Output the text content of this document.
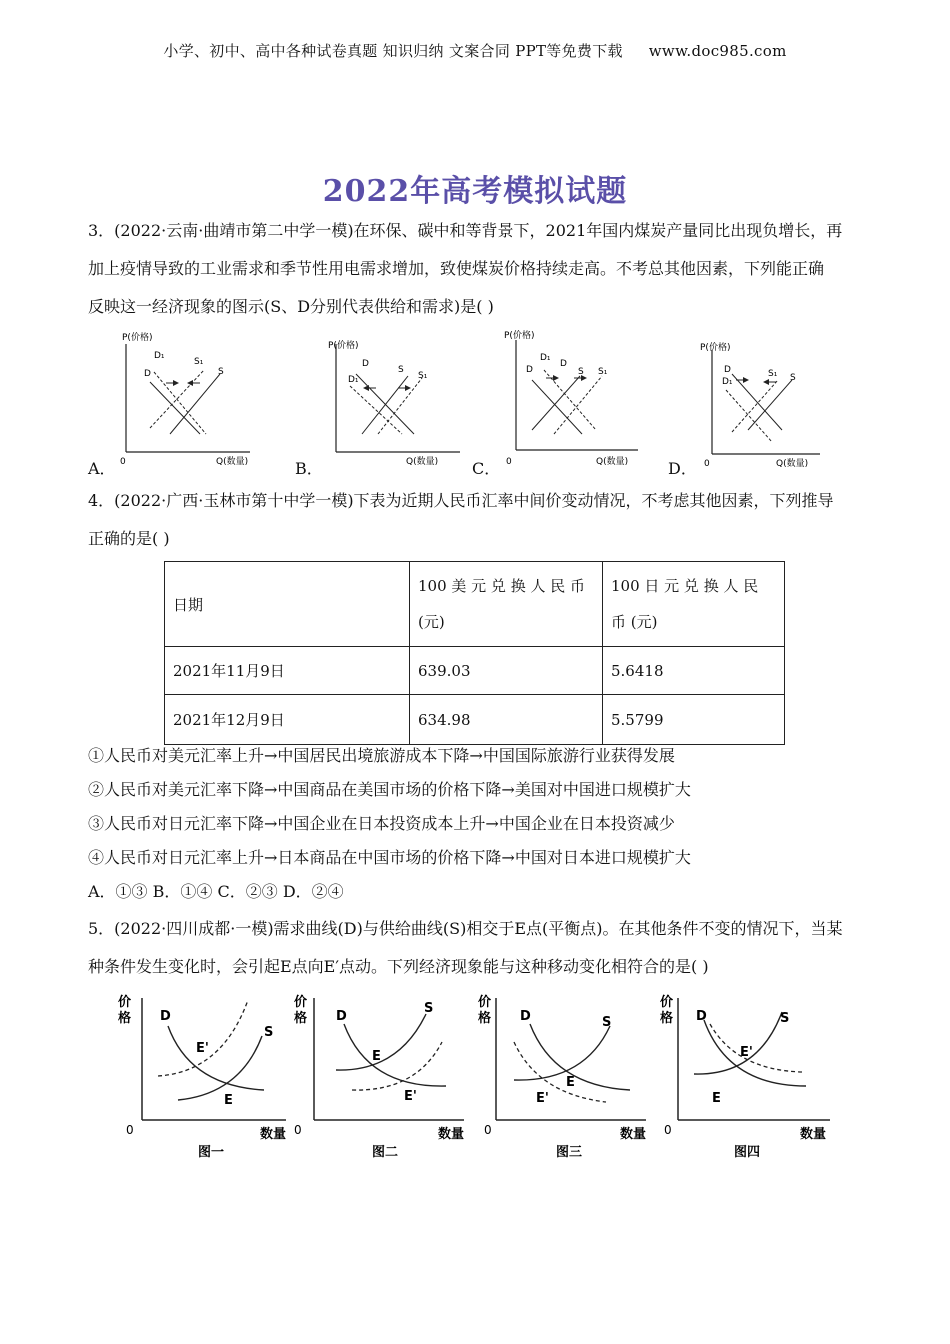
小学、初中、高中各种试卷真题 知识归纳 文案合同 PPT等免费下载 www.doc985.com
2022年高考模拟试题
3．(2022·云南·曲靖市第二中学一模)在环保、碳中和等背景下，2021年国内煤炭产量同比出现负增长，再
加上疫情导致的工业需求和季节性用电需求增加，致使煤炭价格持续走高。不考总其他因素，下列能正确
反映这一经济现象的图示(S、D分别代表供给和需求)是( )
A．	B．	C．	D．
P(价格)
Q(数量)
0
D₁
D
S₁
S
P(价格)
Q(数量)
D
D₁
S
S₁
P(价格)
Q(数量)
0
D
D₁
D
S S₁
P(价格)
Q(数量)
0
D
D₁
S₁ S
4．(2022·广西·玉林市第十中学一模)下表为近期人民币汇率中间价变动情况，不考虑其他因素，下列推导
正确的是( )
日期	100 美 元 兑 换 人 民 币 (元)	100 日 元 兑 换 人 民 币 (元)
2021年11月9日	639.03	5.6418
2021年12月9日	634.98	5.5799
①人民币对美元汇率上升→中国居民出境旅游成本下降→中国国际旅游行业获得发展
②人民币对美元汇率下降→中国商品在美国市场的价格下降→美国对中国进口规模扩大
③人民币对日元汇率下降→中国企业在日本投资成本上升→中国企业在日本投资减少
④人民币对日元汇率上升→日本商品在中国市场的价格下降→中国对日本进口规模扩大
A．①③ B．①④ C．②③ D．②④
5．(2022·四川成都·一模)需求曲线(D)与供给曲线(S)相交于E点(平衡点)。在其他条件不变的情况下，当某
种条件发生变化时，会引起E点向E′点动。下列经济现象能与这种移动变化相符合的是( )
价
格
0	数量
D
S
E'
E
图一
价
格
0	数量
D
S
E
E'
图二
价
格
0	数量
D	S
E
E'
图三
价
格
0	数量
D	S
E'
E
图四
